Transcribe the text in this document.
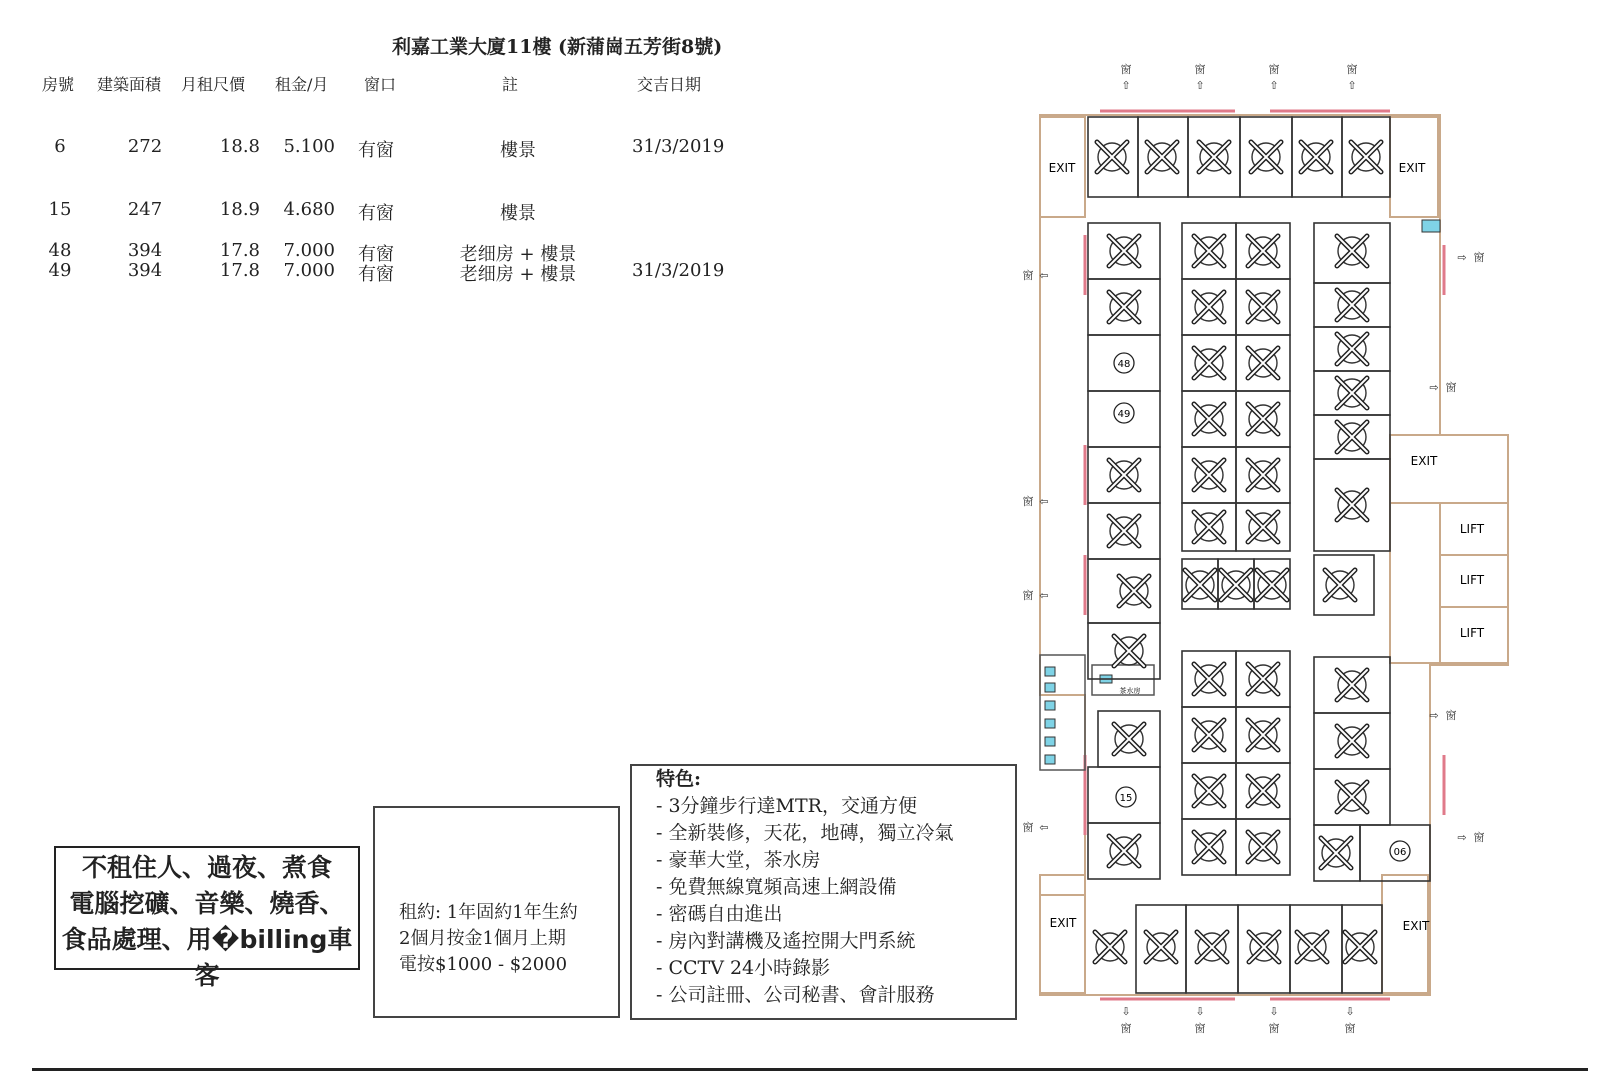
利嘉工業大廈11樓 (新蒲崗五芳街8號)
房號 建築面積 月租尺價 租金/月 窗口	註	交吉日期
6	272	18.8	5.100 有窗	樓景	31/3/2019
15	247	18.9	4.680 有窗	樓景
48	394	17.8	7.000 有窗	老细房 + 樓景
49	394	17.8	7.000 有窗	老细房 + 樓景	31/3/2019
不租住人、過夜、煮食
電腦挖礦、音樂、燒香、
食品處理、用�billing車客
租約: 1年固約1年生約
2個月按金1個月上期
電按$1000 - $2000
特色:
- 3分鐘步行達MTR，交通方便
- 全新裝修，天花，地磚，獨立冷氣
- 豪華大堂，茶水房
- 免費無線寬頻高速上網設備
- 密碼自由進出
- 房內對講機及遙控開大門系統
- CCTV 24小時錄影
- 公司註冊、公司秘書、會計服務
48
49
15
06
EXIT	EXIT
EXIT	EXIT
EXIT
LIFT
LIFT
LIFT
茶水房
窗
⇧
窗
⇧
窗
⇧
窗
⇧
⇩
窗
⇩
窗
⇩
窗
⇩
窗
窗 ⇦
窗 ⇦
窗 ⇦
窗 ⇦
⇨ 窗
⇨ 窗
⇨ 窗
⇨ 窗
